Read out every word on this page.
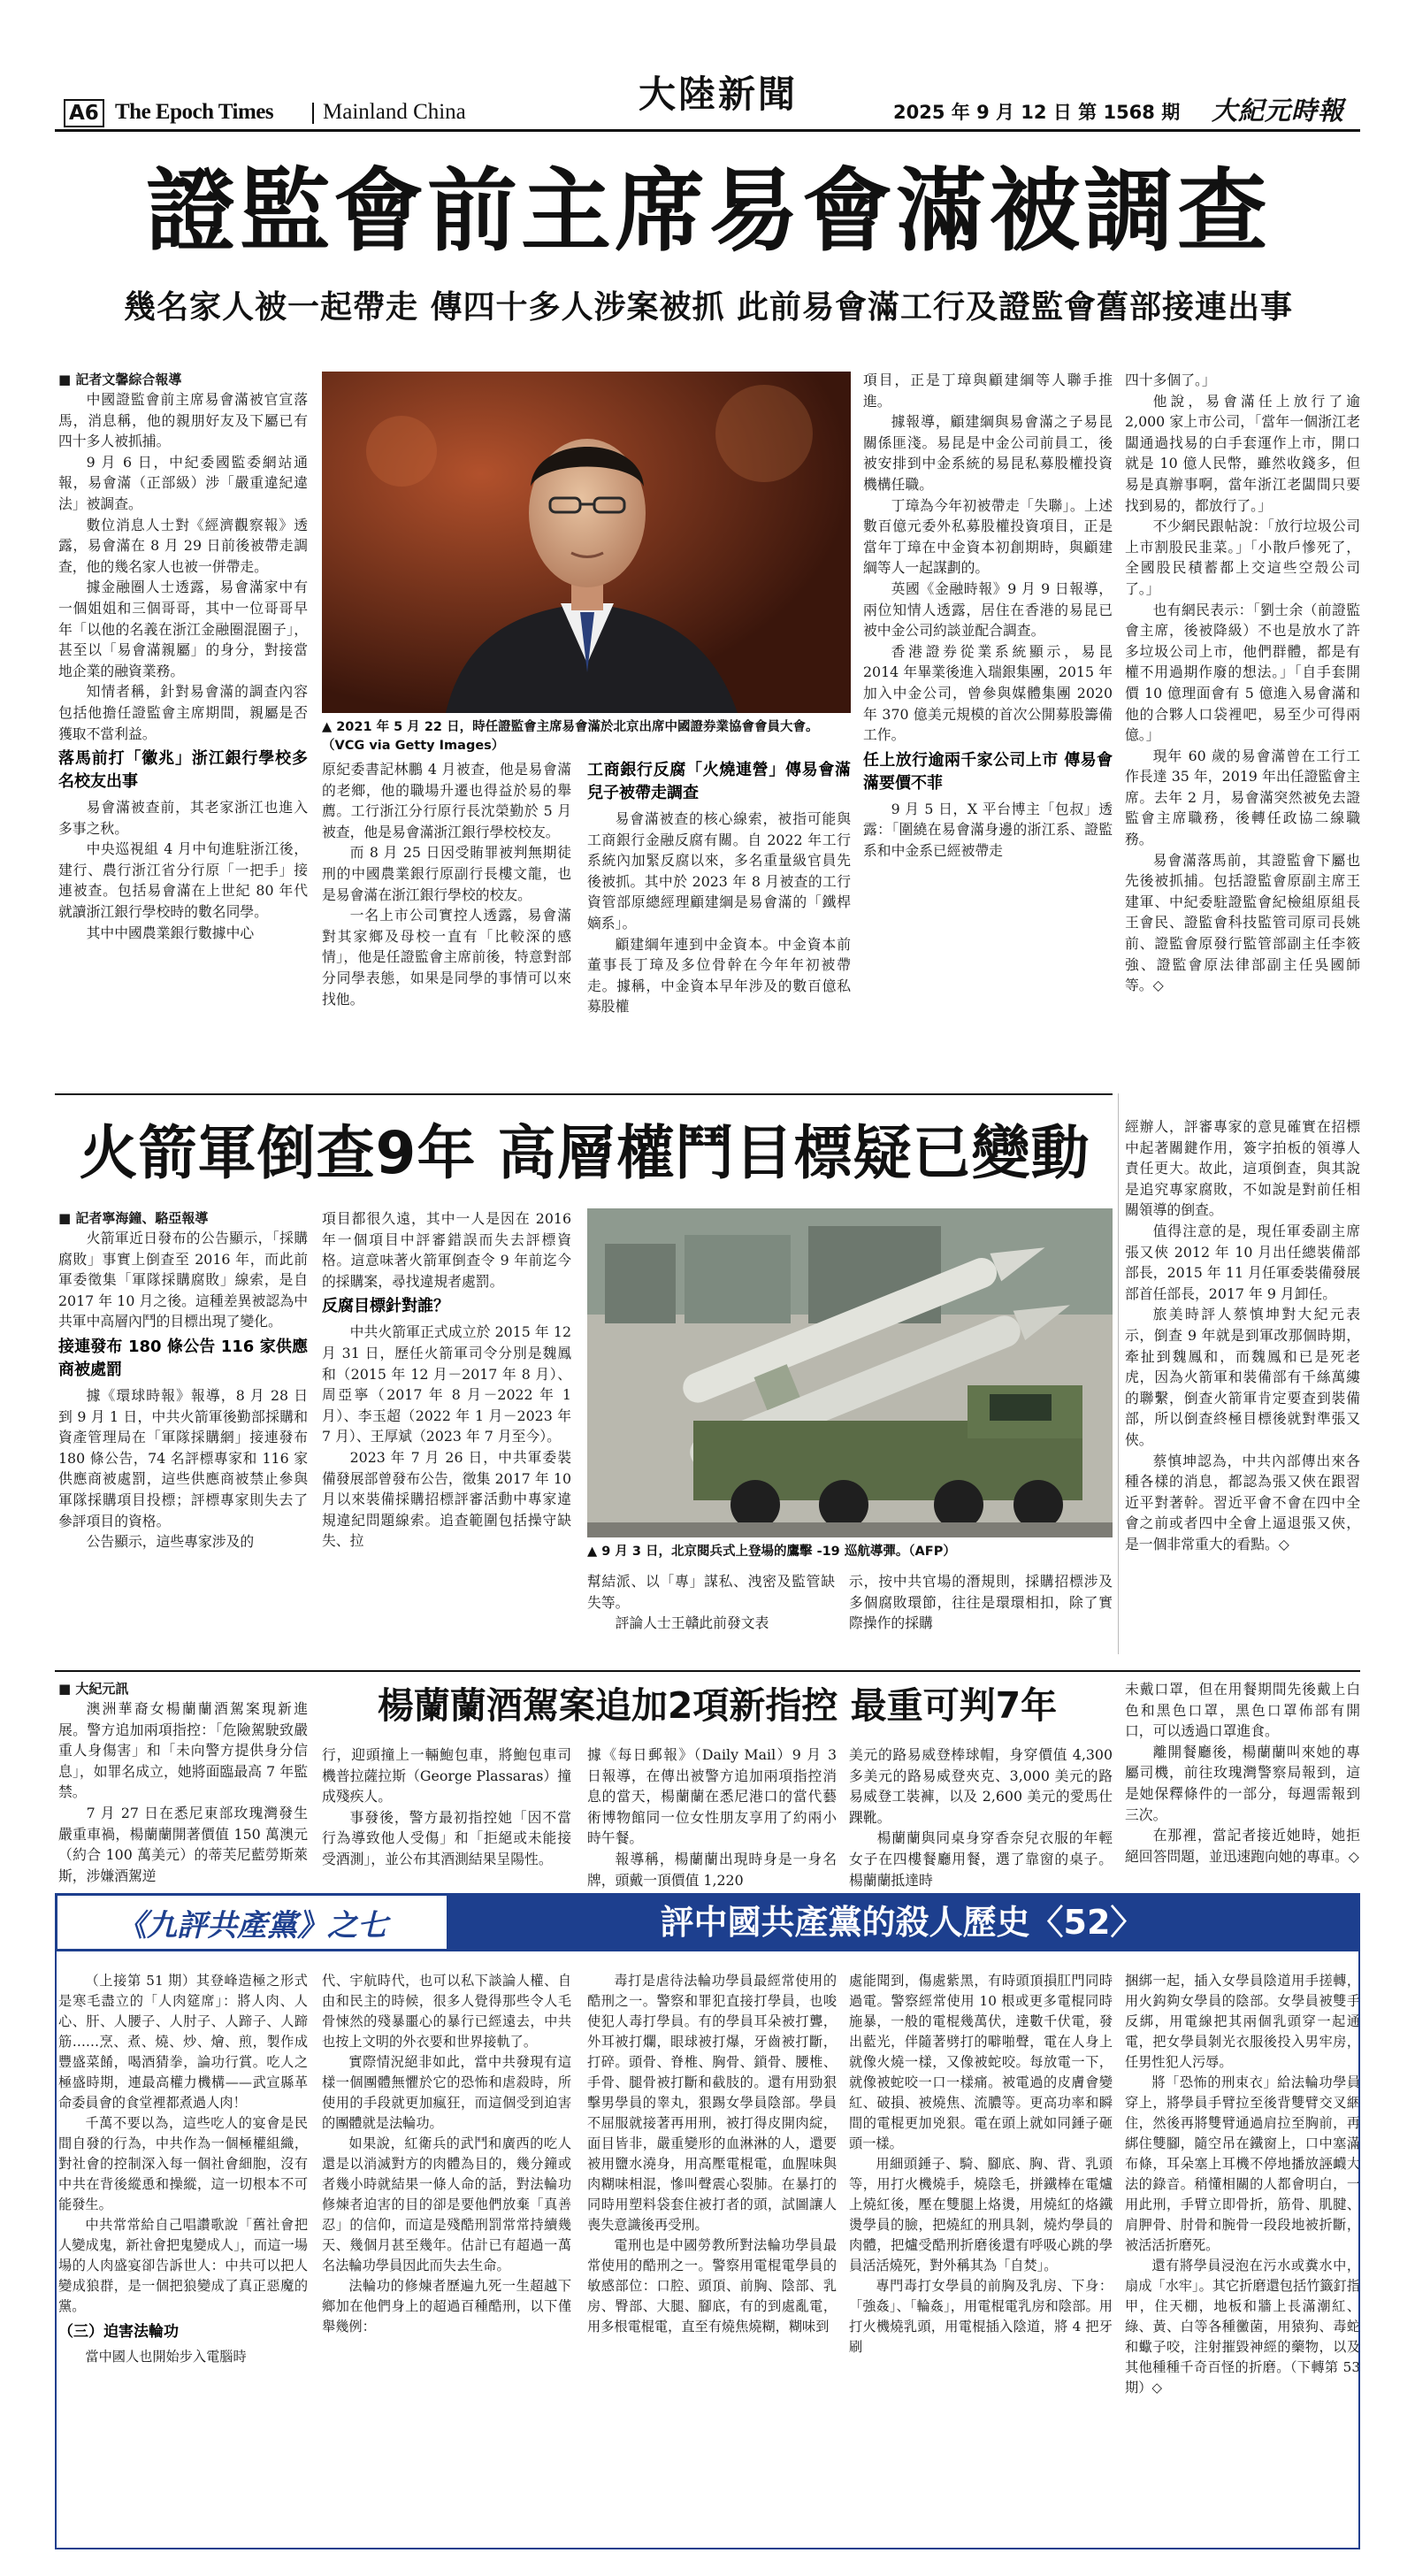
A6 The Epoch Times Mainland China	大陸新聞	2025 年 9 月 12 日 第 1568 期 大紀元時報
證監會前主席易會滿被調查
幾名家人被一起帶走 傳四十多人涉案被抓 此前易會滿工行及證監會舊部接連出事
■ 記者文馨綜合報導

中國證監會前主席易會滿被官宣落馬，消息稱，他的親朋好友及下屬已有四十多人被抓捕。

9 月 6 日，中紀委國監委網站通報，易會滿（正部級）涉「嚴重違紀違法」被調查。

數位消息人士對《經濟觀察報》透露，易會滿在 8 月 29 日前後被帶走調查，他的幾名家人也被一併帶走。

據金融圈人士透露，易會滿家中有一個姐姐和三個哥哥，其中一位哥哥早年「以他的名義在浙江金融圈混圈子」，甚至以「易會滿親屬」的身分，對接當地企業的融資業務。

知情者稱，針對易會滿的調查內容包括他擔任證監會主席期間，親屬是否獲取不當利益。

落馬前打「徽兆」浙江銀行學校多名校友出事

易會滿被查前，其老家浙江也進入多事之秋。

中央巡視組 4 月中旬進駐浙江後，建行、農行浙江省分行原「一把手」接連被查。包括易會滿在上世紀 80 年代就讀浙江銀行學校時的數名同學。

其中中國農業銀行數據中心

▲ 2021 年 5 月 22 日，時任證監會主席易會滿於北京出席中國證券業協會會員大會。（VCG via Getty Images）

原紀委書記林鵬 4 月被查，他是易會滿的老鄉，他的職場升遷也得益於易的舉薦。工行浙江分行原行長沈榮勤於 5 月被查，他是易會滿浙江銀行學校校友。

而 8 月 25 日因受賄罪被判無期徒刑的中國農業銀行原副行長樓文龍，也是易會滿在浙江銀行學校的校友。

一名上市公司實控人透露，易會滿對其家鄉及母校一直有「比較深的感情」，他是任證監會主席前後，特意對部分同學表態，如果是同學的事情可以來找他。

工商銀行反腐「火燒連營」傳易會滿兒子被帶走調查

易會滿被查的核心線索，被指可能與工商銀行金融反腐有關。自 2022 年工行系統內加緊反腐以來，多名重量級官員先後被抓。其中於 2023 年 8 月被查的工行資管部原總經理顧建綱是易會滿的「鐵桿嫡系」。

顧建綱年連到中金資本。中金資本前董事長丁璋及多位骨幹在今年年初被帶走。據稱，中金資本早年涉及的數百億私募股權

項目，正是丁璋與顧建綱等人聯手推進。

據報導，顧建綱與易會滿之子易昆關係匪淺。易昆是中金公司前員工，後被安排到中金系統的易昆私募股權投資機構任職。

丁璋為今年初被帶走「失聯」。上述數百億元委外私募股權投資項目，正是當年丁璋在中金資本初創期時，與顧建綱等人一起謀劃的。

英國《金融時報》9 月 9 日報導，兩位知情人透露，居住在香港的易昆已被中金公司約談並配合調查。

香港證券從業系統顯示，易昆 2014 年畢業後進入瑞銀集團，2015 年加入中金公司，曾參與媒體集團 2020 年 370 億美元規模的首次公開募股籌備工作。

任上放行逾兩千家公司上市 傳易會滿要價不菲

9 月 5 日，X 平台博主「包叔」透露：「圍繞在易會滿身邊的浙江系、證監系和中金系已經被帶走

四十多個了。」

他說，易會滿任上放行了逾 2,000 家上市公司，「當年一個浙江老闆通過找易的白手套運作上市，開口就是 10 億人民幣，雖然收錢多，但易是真辦事啊，當年浙江老闆間只要找到易的，都放行了。」

不少網民跟帖說：「放行垃圾公司上市割股民韭菜。」「小散戶慘死了，全國股民積蓄都上交這些空殼公司了。」

也有網民表示：「劉士余（前證監會主席，後被降級）不也是放水了許多垃圾公司上市，他們群體，都是有權不用過期作廢的想法。」「自手套開價 10 億理面會有 5 億進入易會滿和他的合夥人口袋裡吧，易至少可得兩億。」

現年 60 歲的易會滿曾在工行工作長達 35 年，2019 年出任證監會主席。去年 2 月，易會滿突然被免去證監會主席職務，後轉任政協二線職務。

易會滿落馬前，其證監會下屬也先後被抓捕。包括證監會原副主席王建軍、中紀委駐證監會紀檢組原組長王會民、證監會科技監管司原司長姚前、證監會原發行監管部副主任李筱強、證監會原法律部副主任吳國師等。◇

火箭軍倒查9年 高層權鬥目標疑已變動
■ 記者寧海鐘、駱亞報導

火箭軍近日發布的公告顯示，「採購腐敗」事實上倒查至 2016 年，而此前軍委徵集「軍隊採購腐敗」線索，是自 2017 年 10 月之後。這種差異被認為中共軍中高層內鬥的目標出現了變化。

接連發布 180 條公告 116 家供應商被處罰

據《環球時報》報導，8 月 28 日到 9 月 1 日，中共火箭軍後勤部採購和資產管理局在「軍隊採購網」接連發布 180 條公告，74 名評標專家和 116 家供應商被處罰，這些供應商被禁止參與軍隊採購項目投標；評標專家則失去了參評項目的資格。

公告顯示，這些專家涉及的

項目都很久遠，其中一人是因在 2016 年一個項目中評審錯誤而失去評標資格。這意味著火箭軍倒查令 9 年前迄今的採購案，尋找違規者處罰。

反腐目標針對誰？

中共火箭軍正式成立於 2015 年 12 月 31 日，歷任火箭軍司令分別是魏鳳和（2015 年 12 月－2017 年 8 月）、周亞寧（2017 年 8 月－2022 年 1 月）、李玉超（2022 年 1 月－2023 年 7 月）、王厚斌（2023 年 7 月至今）。

2023 年 7 月 26 日，中共軍委裝備發展部曾發布公告，徵集 2017 年 10 月以來裝備採購招標評審活動中專家違規違紀問題線索。追查範圍包括操守缺失、拉

▲ 9 月 3 日，北京閱兵式上登場的鷹擊 -19 巡航導彈。（AFP）

幫結派、以「專」謀私、洩密及監管缺失等。

評論人士王贛此前發文表

示，按中共官場的潛規則，採購招標涉及多個腐敗環節，往往是環環相扣，除了實際操作的採購

經辦人，評審專家的意見確實在招標中起著關鍵作用，簽字拍板的領導人責任更大。故此，這項倒查，與其說是追究專家腐敗，不如說是對前任相關領導的倒查。

值得注意的是，現任軍委副主席張又俠 2012 年 10 月出任總裝備部部長，2015 年 11 月任軍委裝備發展部首任部長，2017 年 9 月卸任。

旅美時評人蔡慎坤對大紀元表示，倒查 9 年就是到軍改那個時期，牽扯到魏鳳和，而魏鳳和已是死老虎，因為火箭軍和裝備部有千絲萬縷的聯繫，倒查火箭軍肯定要查到裝備部，所以倒查終極目標後就對準張又俠。

蔡慎坤認為，中共內部傳出來各種各樣的消息，都認為張又俠在跟習近平對著幹。習近平會不會在四中全會之前或者四中全會上逼退張又俠，是一個非常重大的看點。◇

■ 大紀元訊

澳洲華裔女楊蘭蘭酒駕案現新進展。警方追加兩項指控：「危險駕駛致嚴重人身傷害」和「未向警方提供身分信息」，如罪名成立，她將面臨最高 7 年監禁。

7 月 27 日在悉尼東部玫瑰灣發生嚴重車禍，楊蘭蘭開著價值 150 萬澳元（約合 100 萬美元）的蒂芙尼藍勞斯萊斯，涉嫌酒駕逆

楊蘭蘭酒駕案追加2項新指控 最重可判7年

行，迎頭撞上一輛鮑包車，將鮑包車司機普拉薩拉斯（George Plassaras）撞成殘疾人。

事發後，警方最初指控她「因不當行為導致他人受傷」和「拒絕或未能接受酒測」，並公布其酒測結果呈陽性。

據《每日郵報》（Daily Mail）9 月 3 日報導，在傳出被警方追加兩項指控消息的當天，楊蘭蘭在悉尼港口的當代藝術博物館同一位女性朋友享用了約兩小時午餐。

報導稱，楊蘭蘭出現時身是一身名牌，頭戴一頂價值 1,220

美元的路易威登棒球帽，身穿價值 4,300 多美元的路易威登夾克、3,000 美元的路易威登工裝褲，以及 2,600 美元的愛馬仕踝靴。

楊蘭蘭與同桌身穿香奈兒衣服的年輕女子在四樓餐廳用餐，選了靠窗的桌子。楊蘭蘭抵達時

未戴口罩，但在用餐期間先後戴上白色和黑色口罩，黑色口罩佈部有開口，可以透過口罩進食。

離開餐廳後，楊蘭蘭叫來她的專屬司機，前往玫瑰灣警察局報到，這是她保釋條件的一部分，每週需報到三次。

在那裡，當記者接近她時，她拒絕回答問題，並迅速跑向她的專車。◇

《九評共產黨》之七	評中國共產黨的殺人歷史〈52〉

（上接第 51 期）其登峰造極之形式是寒毛盡立的「人肉筵席」：將人肉、人心、肝、人腰子、人肘子、人蹄子、人蹄筋……烹、煮、燒、炒、燴、煎，製作成豐盛菜餚，喝酒猜拳，論功行賞。吃人之極盛時期，連最高權力機構——武宣縣革命委員會的食堂裡都煮過人肉！

千萬不要以為，這些吃人的宴會是民間自發的行為，中共作為一個極權組織，對社會的控制深入每一個社會細胞，沒有中共在背後縱恿和操縱，這一切根本不可能發生。

中共常常給自己唱讚歌說「舊社會把人變成鬼，新社會把鬼變成人」，而這一場場的人肉盛宴卻告訴世人：中共可以把人變成狼群，是一個把狼變成了真正惡魔的黨。

（三）迫害法輪功

當中國人也開始步入電腦時

代、宇航時代，也可以私下談論人權、自由和民主的時候，很多人覺得那些令人毛骨悚然的殘暴噩心的暴行已經遠去，中共也按上文明的外衣要和世界接軌了。

實際情況絕非如此，當中共發現有這樣一個團體無懼於它的恐怖和虐殺時，所使用的手段就更加瘋狂，而這個受到迫害的團體就是法輪功。

如果說，紅衛兵的武鬥和廣西的吃人還是以消滅對方的肉體為目的，幾分鐘或者幾小時就結果一條人命的話，對法輪功修煉者迫害的目的卻是要他們放棄「真善忍」的信仰，而這是殘酷刑罰常常持續幾天、幾個月甚至幾年。估計已有超過一萬名法輪功學員因此而失去生命。

法輪功的修煉者歷遍九死一生超越下鄉加在他們身上的超過百種酷刑，以下僅舉幾例：

毒打是虐待法輪功學員最經常使用的酷刑之一。警察和罪犯直接打學員，也唆使犯人毒打學員。有的學員耳朵被打聾，外耳被打爛，眼球被打爆，牙齒被打斷，打碎。頭骨、脊椎、胸骨、鎖骨、腰椎、手骨、腿骨被打斷和截肢的。還有用勁狠擊男學員的睾丸，狠踢女學員陰部。學員不屈服就接著再用刑，被打得皮開肉綻，面目皆非，嚴重變形的血淋淋的人，還要被用鹽水澆身，用高壓電棍電，血腥味與肉糊味相混，慘叫聲震心裂肺。在暴打的同時用塑料袋套住被打者的頭，試圖讓人喪失意識後再受刑。

電刑也是中國勞教所對法輪功學員最常使用的酷刑之一。警察用電棍電學員的敏感部位：口腔、頭頂、前胸、陰部、乳房、臀部、大腿、腳底，有的到處亂電，用多根電棍電，直至有燒焦燒糊，糊味到

處能聞到，傷處紫黑，有時頭頂損肛門同時過電。警察經常使用 10 根或更多電棍同時施暴，一般的電棍幾萬伏，達數千伏電，發出藍光，伴隨著劈打的噼啪聲，電在人身上就像火燒一樣，又像被蛇咬。每放電一下，就像被蛇咬一口一樣痛。被電過的皮膚會變紅、破損、被燒焦、流膿等。更高功率和瞬間的電棍更加兇狠。電在頭上就如同錘子砸頭一樣。

用細頭錘子、騎、腳底、胸、背、乳頭等，用打火機燒手，燒陰毛，拼鐵棒在電爐上燒紅後，壓在雙腿上烙燙，用燒紅的烙鐵燙學員的臉，把燒紅的刑具剝，燒灼學員的肉體，把爐受酷刑折磨後還有呼吸心跳的學員活活燒死，對外稱其為「自焚」。

專門毒打女學員的前胸及乳房、下身：「強姦」、「輪姦」，用電棍電乳房和陰部。用打火機燒乳頭，用電棍插入陰道，將 4 把牙刷

捆綁一起，插入女學員陰道用手搓轉，用火鈎夠女學員的陰部。女學員被雙手反綁，用電線把其兩個乳頭穿一起通電，把女學員剝光衣服後投入男牢房，任男性犯人污辱。

將「恐怖的刑束衣」給法輪功學員穿上，將學員手臂拉至後背雙臂交叉綑住，然後再將雙臂通過肩拉至胸前，再綁住雙腳，隨空吊在鐵窗上，口中塞滿布條，耳朵塞上耳機不停地播放誣衊大法的錄音。稍懂相關的人都會明白，一用此刑，手臂立即骨折，筋骨、肌腱、肩胛骨、肘骨和腕骨一段段地被折斷，被活活折磨死。

還有將學員浸泡在污水或糞水中，扇成「水牢」。其它折磨還包括竹籤釘指甲，住天棚，地板和牆上長滿潮紅、綠、黃、白等各種黴菌，用猿狗、毒蛇和蠍子咬，注射摧毀神經的藥物，以及其他種種千奇百怪的折磨。（下轉第 53 期）◇
